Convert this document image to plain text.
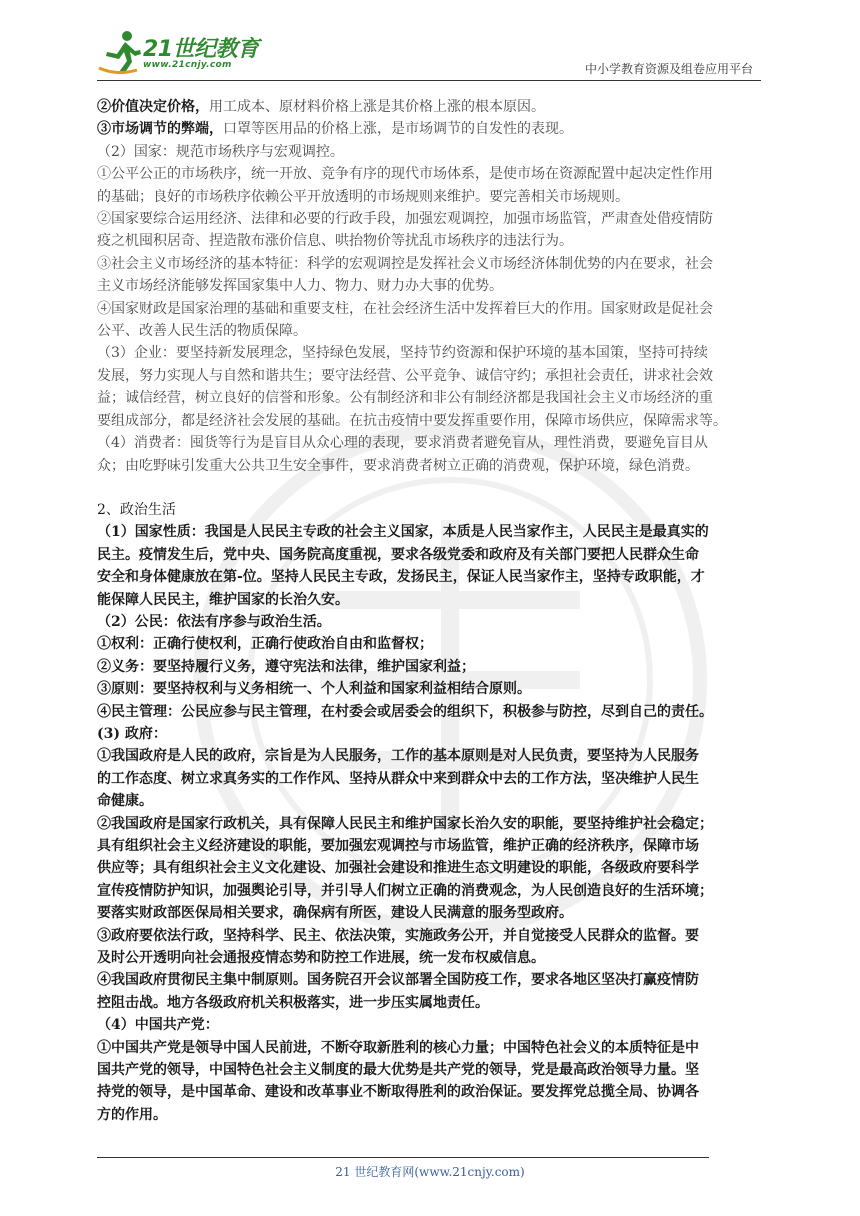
21世纪教育
www.21cnjy.com	中小学教育资源及组卷应用平台
②价值决定价格，用工成本、原材料价格上涨是其价格上涨的根本原因。
③市场调节的弊端，口罩等医用品的价格上涨，是市场调节的自发性的表现。
（2）国家：规范市场秩序与宏观调控。
①公平公正的市场秩序，统一开放、竞争有序的现代市场体系，是使市场在资源配置中起决定性作用
的基础；良好的市场秩序依赖公平开放透明的市场规则来维护。要完善相关市场规则。
②国家要综合运用经济、法律和必要的行政手段，加强宏观调控，加强市场监管，严肃查处借疫情防
疫之机囤积居奇、捏造散布涨价信息、哄抬物价等扰乱市场秩序的违法行为。
③社会主义市场经济的基本特征：科学的宏观调控是发挥社会义市场经济体制优势的内在要求，社会
主义市场经济能够发挥国家集中人力、物力、财力办大事的优势。
④国家财政是国家治理的基础和重要支柱，在社会经济生活中发挥着巨大的作用。国家财政是促社会
公平、改善人民生活的物质保障。
（3）企业：要坚持新发展理念，坚持绿色发展，坚持节约资源和保护环境的基本国策，坚持可持续
发展，努力实现人与自然和谐共生；要守法经营、公平竞争、诚信守约；承担社会责任，讲求社会效
益；诚信经营，树立良好的信誉和形象。公有制经济和非公有制经济都是我国社会主义市场经济的重
要组成部分，都是经济社会发展的基础。在抗击疫情中要发挥重要作用，保障市场供应，保障需求等。
（4）消费者：囤货等行为是盲目从众心理的表现，要求消费者避免盲从，理性消费，要避免盲目从
众；由吃野味引发重大公共卫生安全事件，要求消费者树立正确的消费观，保护环境，绿色消费。
2、政治生活
（1）国家性质：我国是人民民主专政的社会主义国家，本质是人民当家作主，人民民主是最真实的
民主。疫情发生后，党中央、国务院高度重视，要求各级党委和政府及有关部门要把人民群众生命
安全和身体健康放在第-位。坚持人民民主专政，发扬民主，保证人民当家作主，坚持专政职能，才
能保障人民民主，维护国家的长治久安。
（2）公民：依法有序参与政治生活。
①权利：正确行使权利，正确行使政治自由和监督权；
②义务：要坚持履行义务，遵守宪法和法律，维护国家利益；
③原则：要坚持权利与义务相统一、个人利益和国家利益相结合原则。
④民主管理：公民应参与民主管理，在村委会或居委会的组织下，积极参与防控，尽到自己的责任。
(3) 政府：
①我国政府是人民的政府，宗旨是为人民服务，工作的基本原则是对人民负责，要坚持为人民服务
的工作态度、树立求真务实的工作作风、坚持从群众中来到群众中去的工作方法，坚决维护人民生
命健康。
②我国政府是国家行政机关，具有保障人民民主和维护国家长治久安的职能，要坚持维护社会稳定；
具有组织社会主义经济建设的职能，要加强宏观调控与市场监管，维护正确的经济秩序，保障市场
供应等；具有组织社会主义文化建设、加强社会建设和推进生态文明建设的职能，各级政府要科学
宣传疫情防护知识，加强舆论引导，并引导人们树立正确的消费观念，为人民创造良好的生活环境；
要落实财政部医保局相关要求，确保病有所医，建设人民满意的服务型政府。
③政府要依法行政，坚持科学、民主、依法决策，实施政务公开，并自觉接受人民群众的监督。要
及时公开透明向社会通报疫情态势和防控工作进展，统一发布权威信息。
④我国政府贯彻民主集中制原则。国务院召开会议部署全国防疫工作，要求各地区坚决打赢疫情防
控阻击战。地方各级政府机关积极落实，进一步压实属地责任。
（4）中国共产党：
①中国共产党是领导中国人民前进，不断夺取新胜利的核心力量；中国特色社会义的本质特征是中
国共产党的领导，中国特色社会主义制度的最大优势是共产党的领导，党是最高政治领导力量。坚
持党的领导，是中国革命、建设和改革事业不断取得胜利的政治保证。要发挥党总揽全局、协调各
方的作用。
21 世纪教育网(www.21cnjy.com)
